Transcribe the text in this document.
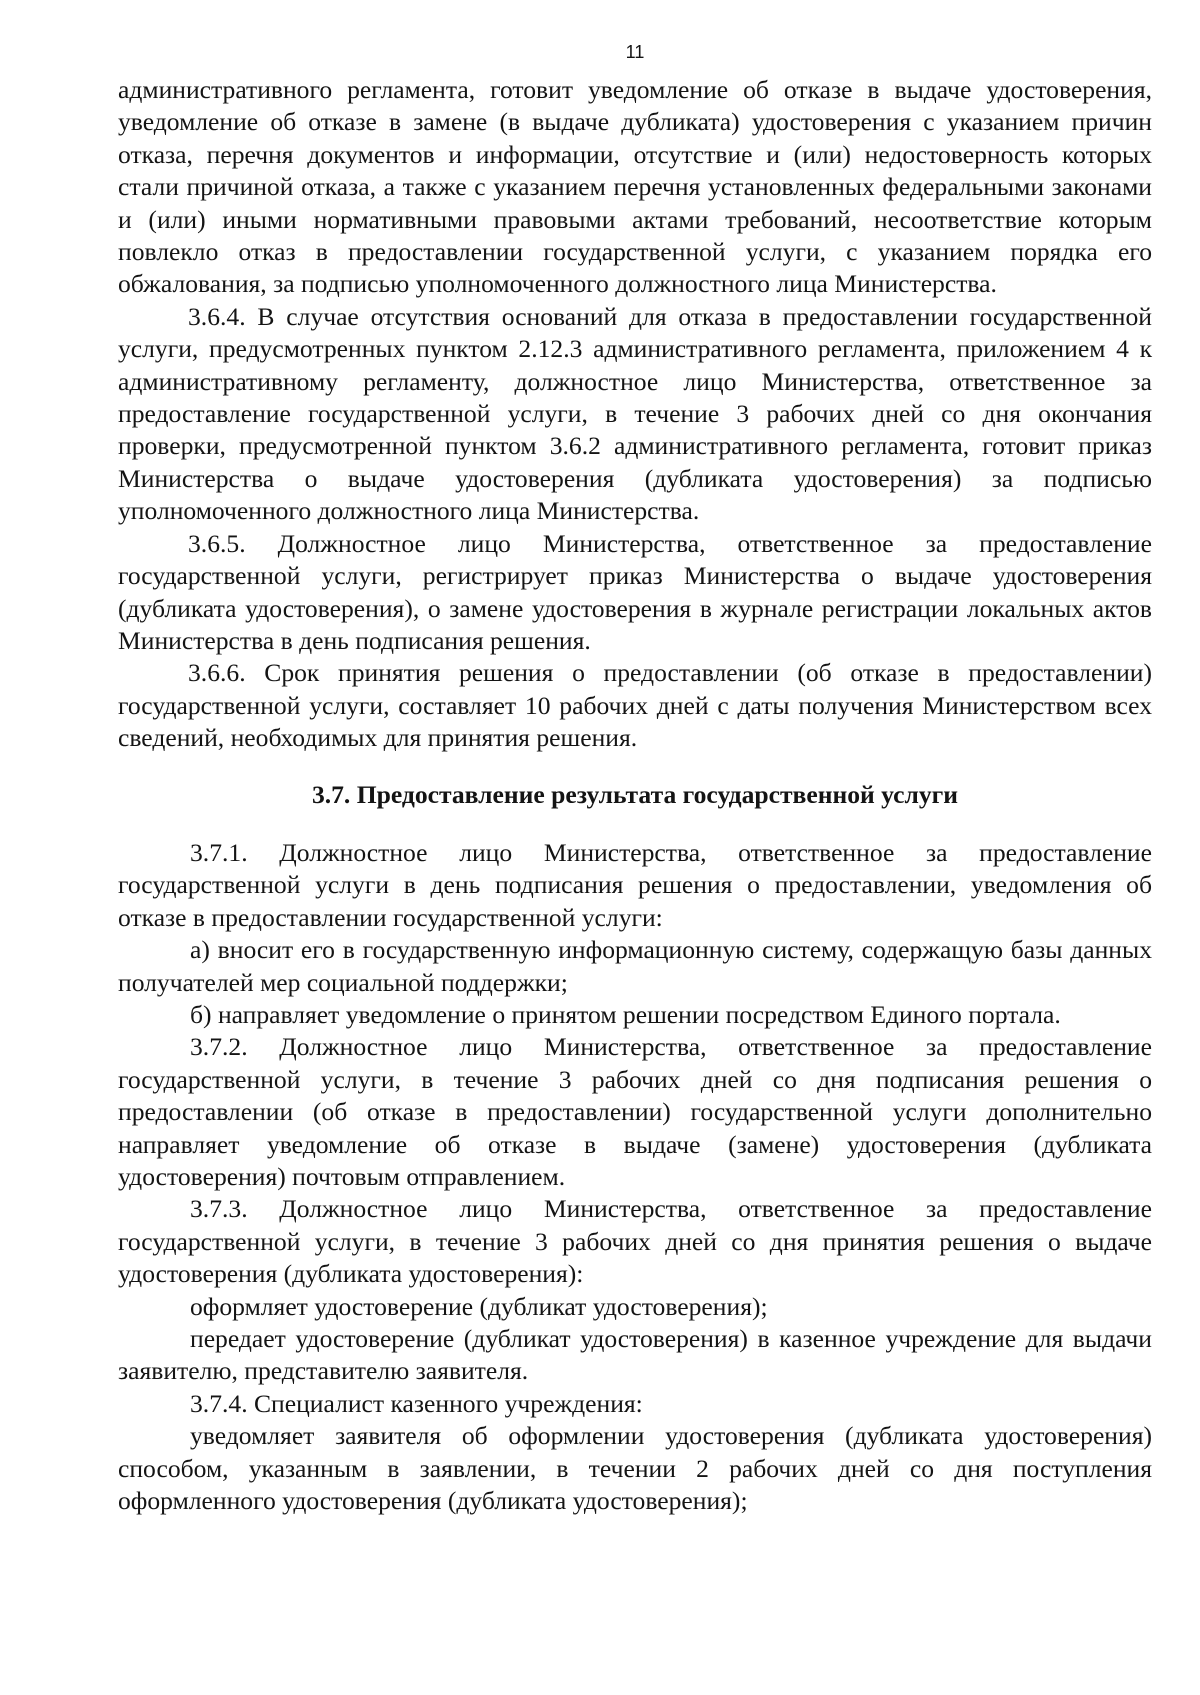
11

административного регламента, готовит уведомление об отказе в выдаче удостоверения, уведомление об отказе в замене (в выдаче дубликата) удостоверения с указанием причин отказа, перечня документов и информации, отсутствие и (или) недостоверность которых стали причиной отказа, а также с указанием перечня установленных федеральными законами и (или) иными нормативными правовыми актами требований, несоответствие которым повлекло отказ в предоставлении государственной услуги, с указанием порядка его обжалования, за подписью уполномоченного должностного лица Министерства.

3.6.4. В случае отсутствия оснований для отказа в предоставлении государственной услуги, предусмотренных пунктом 2.12.3 административного регламента, приложением 4 к административному регламенту, должностное лицо Министерства, ответственное за предоставление государственной услуги, в течение 3 рабочих дней со дня окончания проверки, предусмотренной пунктом 3.6.2 административного регламента, готовит приказ Министерства о выдаче удостоверения (дубликата удостоверения) за подписью уполномоченного должностного лица Министерства.

3.6.5. Должностное лицо Министерства, ответственное за предоставление государственной услуги, регистрирует приказ Министерства о выдаче удостоверения (дубликата удостоверения), о замене удостоверения в журнале регистрации локальных актов Министерства в день подписания решения.

3.6.6. Срок принятия решения о предоставлении (об отказе в предоставлении) государственной услуги, составляет 10 рабочих дней с даты получения Министерством всех сведений, необходимых для принятия решения.

3.7. Предоставление результата государственной услуги

3.7.1. Должностное лицо Министерства, ответственное за предоставление государственной услуги в день подписания решения о предоставлении, уведомления об отказе в предоставлении государственной услуги:

а) вносит его в государственную информационную систему, содержащую базы данных получателей мер социальной поддержки;

б) направляет уведомление о принятом решении посредством Единого портала.

3.7.2. Должностное лицо Министерства, ответственное за предоставление государственной услуги, в течение 3 рабочих дней со дня подписания решения о предоставлении (об отказе в предоставлении) государственной услуги дополнительно направляет уведомление об отказе в выдаче (замене) удостоверения (дубликата удостоверения) почтовым отправлением.

3.7.3. Должностное лицо Министерства, ответственное за предоставление государственной услуги, в течение 3 рабочих дней со дня принятия решения о выдаче удостоверения (дубликата удостоверения):

оформляет удостоверение (дубликат удостоверения);

передает удостоверение (дубликат удостоверения) в казенное учреждение для выдачи заявителю, представителю заявителя.

3.7.4. Специалист казенного учреждения:

уведомляет заявителя об оформлении удостоверения (дубликата удостоверения) способом, указанным в заявлении, в течении 2 рабочих дней со дня поступления оформленного удостоверения (дубликата удостоверения);
